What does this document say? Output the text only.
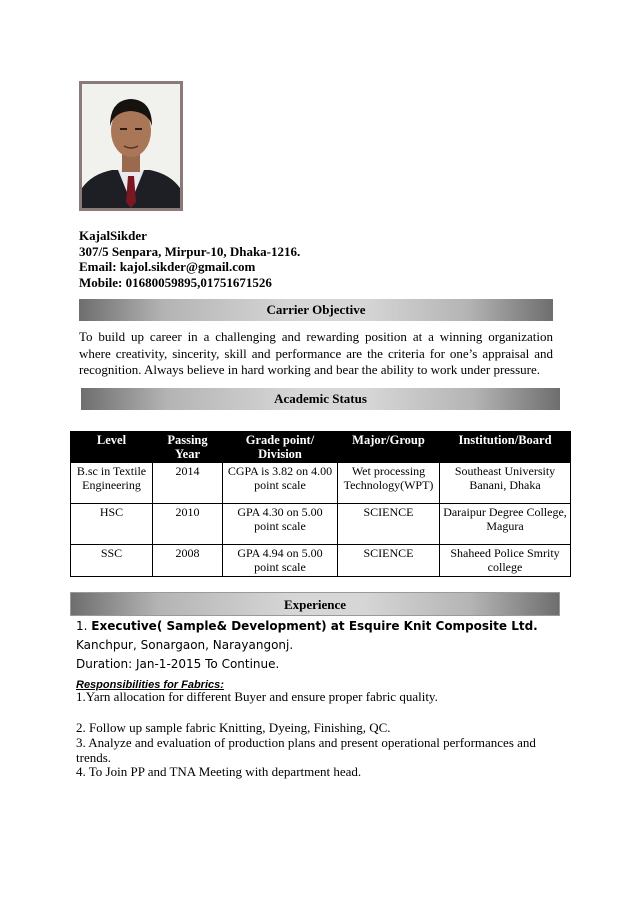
KajalSikder
307/5 Senpara, Mirpur-10, Dhaka-1216.
Email: kajol.sikder@gmail.com
Mobile: 01680059895,01751671526
Carrier Objective
To build up career in a challenging and rewarding position at a winning organization where creativity, sincerity, skill and performance are the criteria for one’s appraisal and recognition. Always believe in hard working and bear the ability to work under pressure.
Academic Status
Level	Passing Year	Grade point/ Division	Major/Group	Institution/Board
B.sc in Textile Engineering	2014	CGPA is 3.82 on 4.00 point scale	Wet processing Technology(WPT)	Southeast University Banani, Dhaka
HSC	2010	GPA 4.30 on 5.00 point scale	SCIENCE	Daraipur Degree College, Magura
SSC	2008	GPA 4.94 on 5.00 point scale	SCIENCE	Shaheed Police Smrity college
Experience
1. Executive( Sample& Development) at Esquire Knit Composite Ltd.
Kanchpur, Sonargaon, Narayangonj.
Duration: Jan-1-2015 To Continue.
Responsibilities for Fabrics:
1.Yarn allocation for different Buyer and ensure proper fabric quality.
2. Follow up sample fabric Knitting, Dyeing, Finishing, QC.
3. Analyze and evaluation of production plans and present operational performances and trends.
4. To Join PP and TNA Meeting with department head.
